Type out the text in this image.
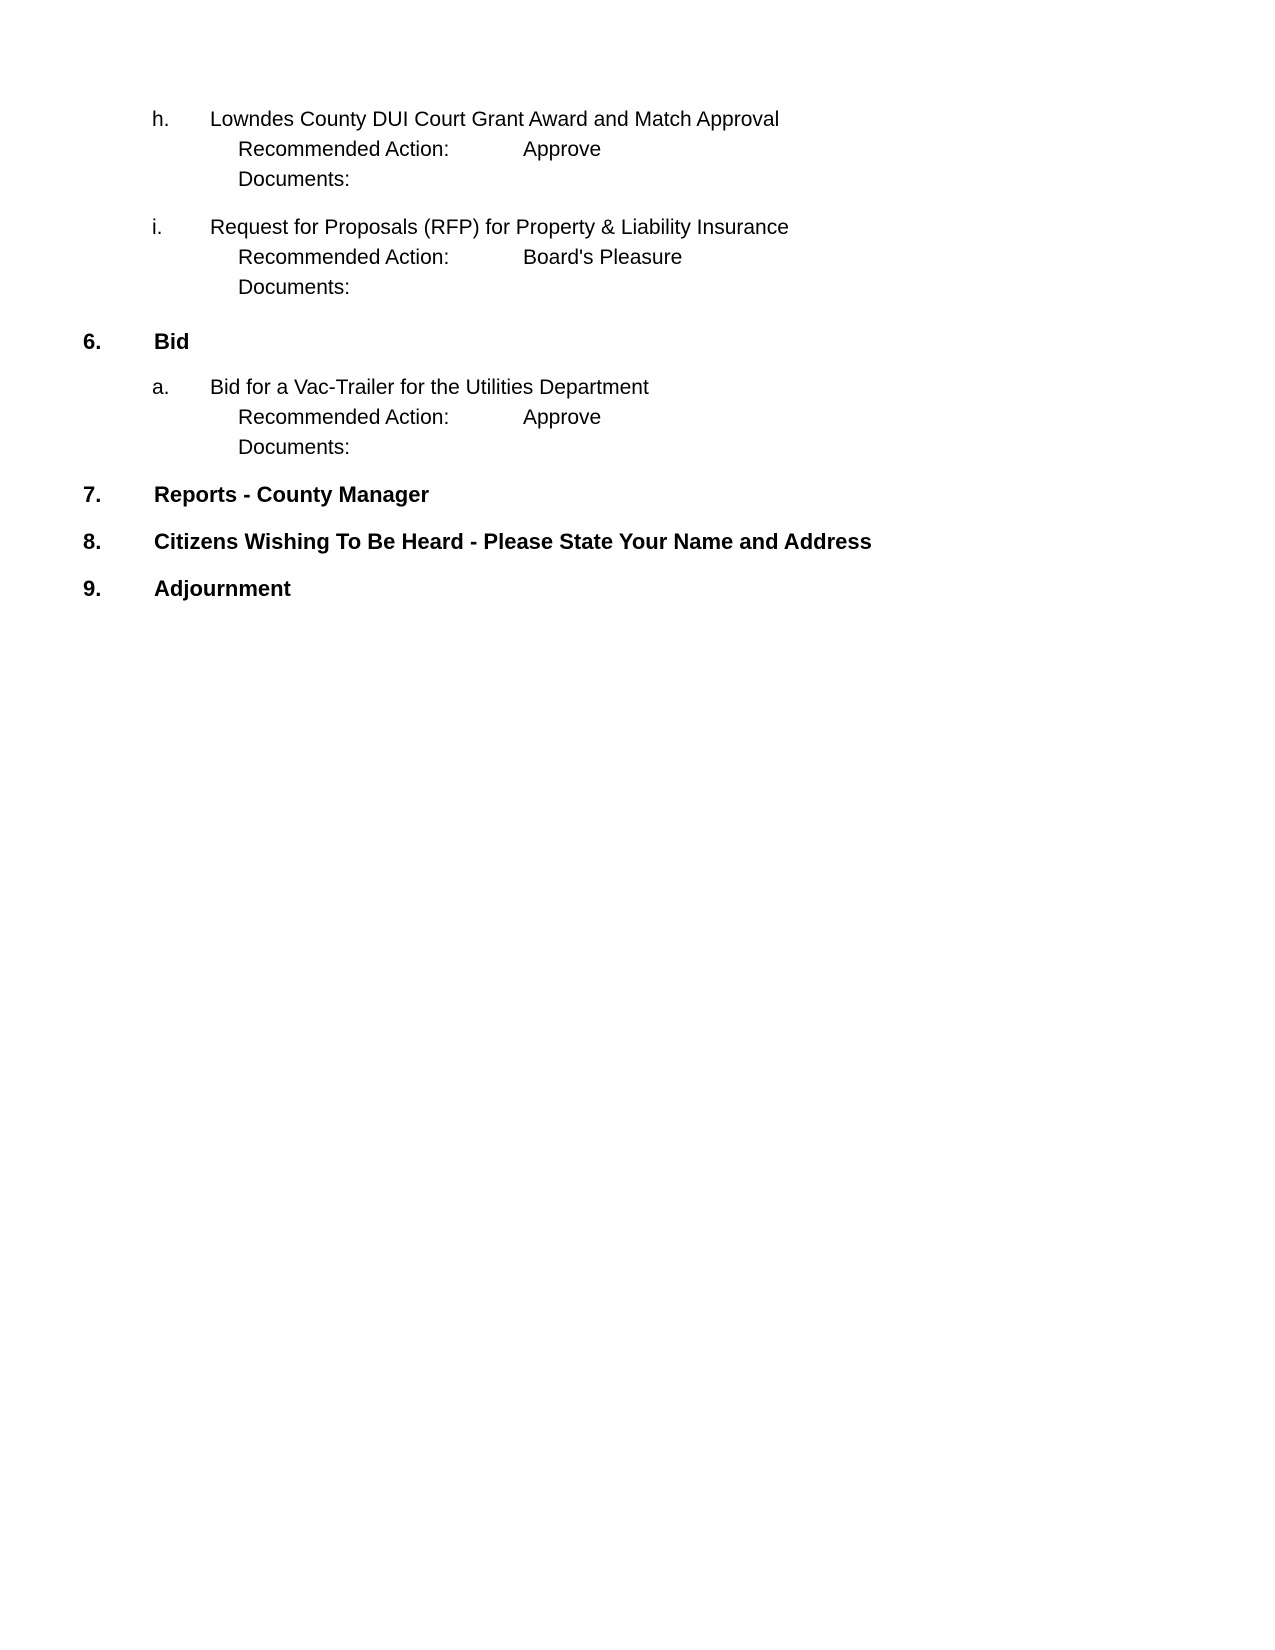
h.	Lowndes County DUI Court Grant Award and Match Approval
Recommended Action:	Approve
Documents:
i.	Request for Proposals (RFP) for Property & Liability Insurance
Recommended Action:	Board's Pleasure
Documents:
6.	Bid
a.	Bid for a Vac-Trailer for the Utilities Department
Recommended Action:	Approve
Documents:
7.	Reports - County Manager
8.	Citizens Wishing To Be Heard - Please State Your Name and Address
9.	Adjournment
